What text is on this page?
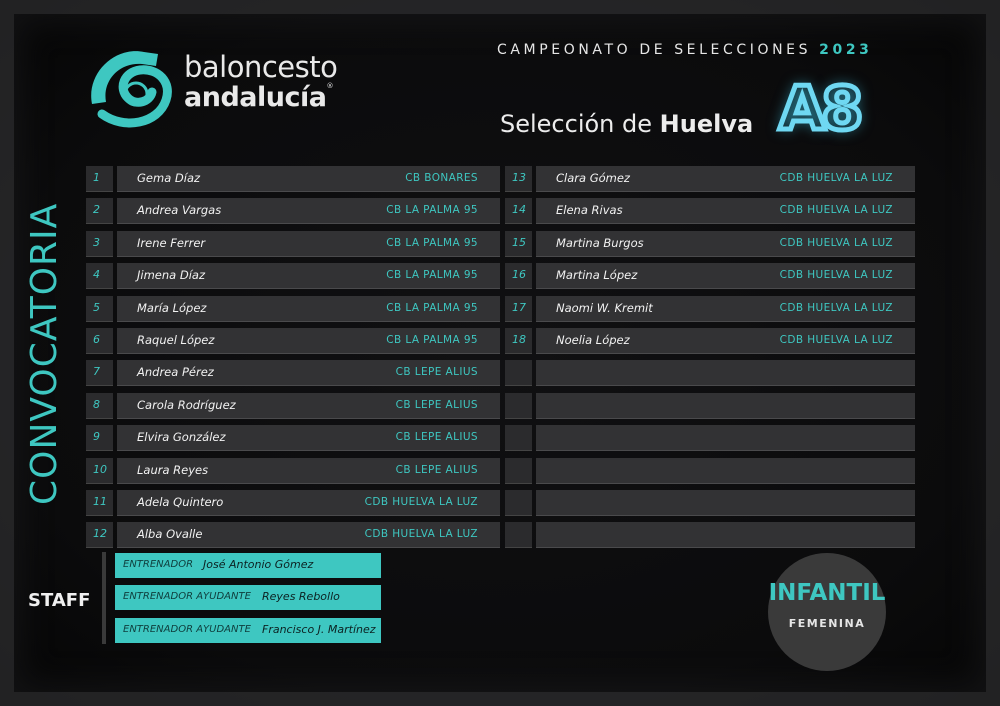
baloncesto
andalucía®
CAMPEONATO DE SELECCIONES 2023
Selección de Huelva A8
CONVOCATORIA
1	Gema Díaz	CB BONARES
2	Andrea Vargas	CB LA PALMA 95
3	Irene Ferrer	CB LA PALMA 95
4	Jimena Díaz	CB LA PALMA 95
5	María López	CB LA PALMA 95
6	Raquel López	CB LA PALMA 95
7	Andrea Pérez	CB LEPE ALIUS
8	Carola Rodríguez	CB LEPE ALIUS
9	Elvira González	CB LEPE ALIUS
10	Laura Reyes	CB LEPE ALIUS
11	Adela Quintero	CDB HUELVA LA LUZ
12	Alba Ovalle	CDB HUELVA LA LUZ
13	Clara Gómez	CDB HUELVA LA LUZ
14	Elena Rivas	CDB HUELVA LA LUZ
15	Martina Burgos	CDB HUELVA LA LUZ
16	Martina López	CDB HUELVA LA LUZ
17	Naomi W. Kremit	CDB HUELVA LA LUZ
18	Noelia López	CDB HUELVA LA LUZ
STAFF
ENTRENADOR José Antonio Gómez
ENTRENADOR AYUDANTE Reyes Rebollo
ENTRENADOR AYUDANTE Francisco J. Martínez
INFANTIL
FEMENINA
